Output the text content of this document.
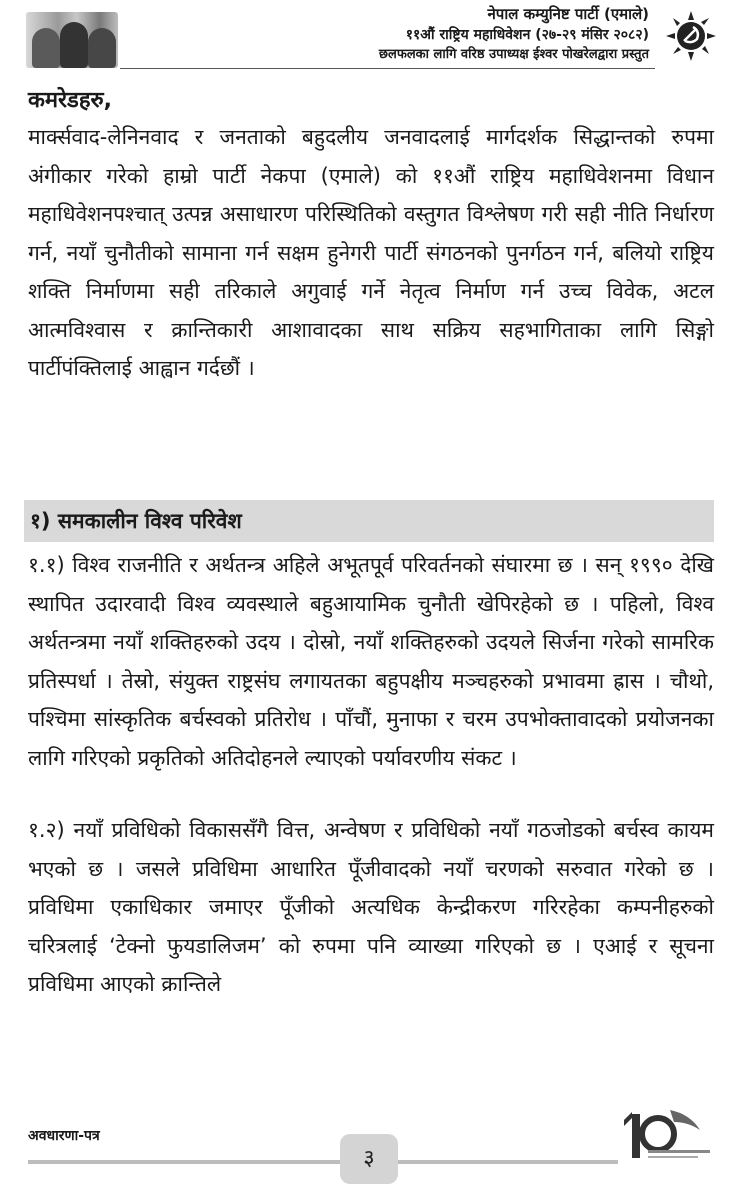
नेपाल कम्युनिष्ट पार्टी (एमाले)
११औं राष्ट्रिय महाधिवेशन (२७-२९ मंसिर २०८२)
छलफलका लागि वरिष्ठ उपाध्यक्ष ईश्वर पोखरेलद्वारा प्रस्तुत

कमरेडहरु,

मार्क्सवाद-लेनिनवाद र जनताको बहुदलीय जनवादलाई मार्गदर्शक सिद्धान्तको रुपमा अंगीकार गरेको हाम्रो पार्टी नेकपा (एमाले) को ११औं राष्ट्रिय महाधिवेशनमा विधान महाधिवेशनपश्चात् उत्पन्न असाधारण परिस्थितिको वस्तुगत विश्लेषण गरी सही नीति निर्धारण गर्न, नयाँ चुनौतीको सामाना गर्न सक्षम हुनेगरी पार्टी संगठनको पुनर्गठन गर्न, बलियो राष्ट्रिय शक्ति निर्माणमा सही तरिकाले अगुवाई गर्ने नेतृत्व निर्माण गर्न उच्च विवेक, अटल आत्मविश्वास र क्रान्तिकारी आशावादका साथ सक्रिय सहभागिताका लागि सिङ्गो पार्टीपंक्तिलाई आह्वान गर्दछौं ।

१) समकालीन विश्व परिवेश

१.१) विश्व राजनीति र अर्थतन्त्र अहिले अभूतपूर्व परिवर्तनको संघारमा छ । सन् १९९० देखि स्थापित उदारवादी विश्व व्यवस्थाले बहुआयामिक चुनौती खेपिरहेको छ । पहिलो, विश्व अर्थतन्त्रमा नयाँ शक्तिहरुको उदय । दोस्रो, नयाँ शक्तिहरुको उदयले सिर्जना गरेको सामरिक प्रतिस्पर्धा । तेस्रो, संयुक्त राष्ट्रसंघ लगायतका बहुपक्षीय मञ्चहरुको प्रभावमा ह्रास । चौथो, पश्चिमा सांस्कृतिक बर्चस्वको प्रतिरोध । पाँचौं, मुनाफा र चरम उपभोक्तावादको प्रयोजनका लागि गरिएको प्रकृतिको अतिदोहनले ल्याएको पर्यावरणीय संकट ।

१.२) नयाँ प्रविधिको विकाससँगै वित्त, अन्वेषण र प्रविधिको नयाँ गठजोडको बर्चस्व कायम भएको छ । जसले प्रविधिमा आधारित पूँजीवादको नयाँ चरणको सरुवात गरेको छ । प्रविधिमा एकाधिकार जमाएर पूँजीको अत्यधिक केन्द्रीकरण गरिरहेका कम्पनीहरुको चरित्रलाई ‘टेक्नो फुयडालिजम’ को रुपमा पनि व्याख्या गरिएको छ । एआई र सूचना प्रविधिमा आएको क्रान्तिले

अवधारणा-पत्र
३
